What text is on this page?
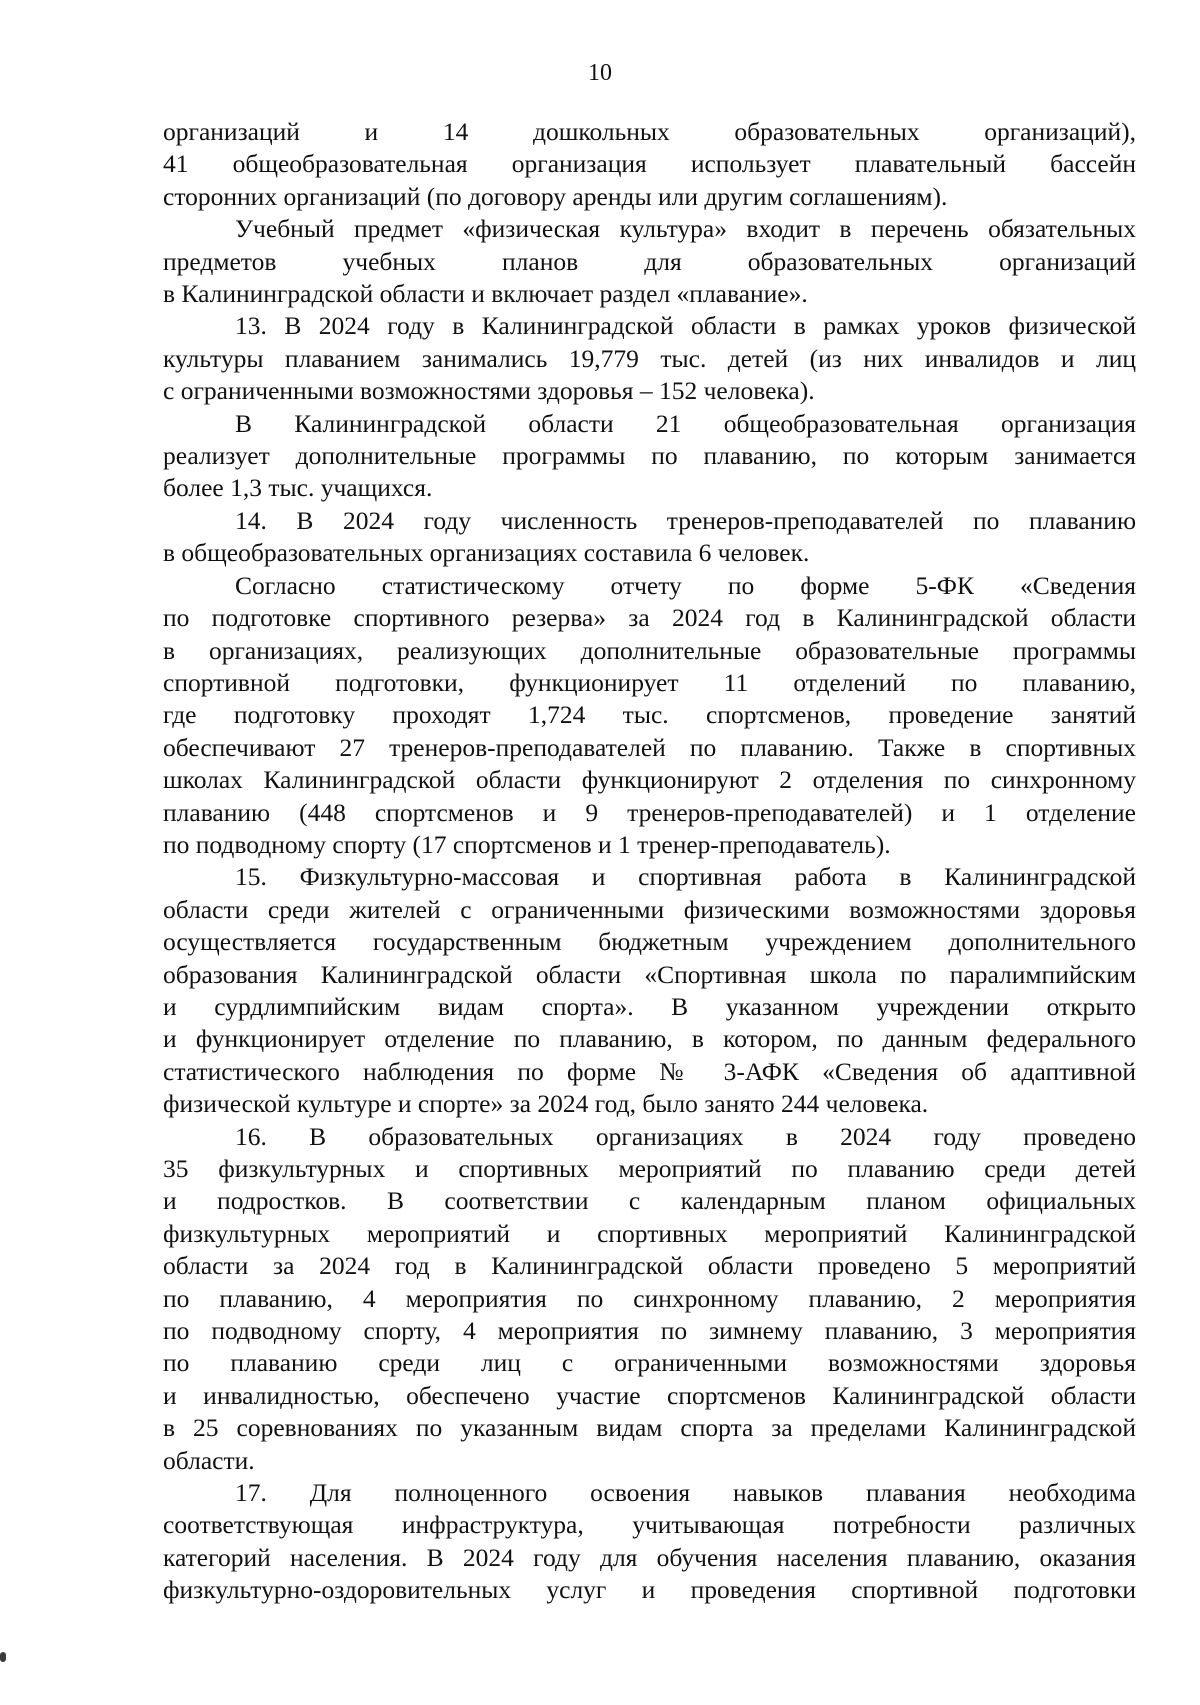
10
организаций и 14 дошкольных образовательных организаций),
41 общеобразовательная организация использует плавательный бассейн
сторонних организаций (по договору аренды или другим соглашениям).
Учебный предмет «физическая культура» входит в перечень обязательных
предметов учебных планов для образовательных организаций
в Калининградской области и включает раздел «плавание».
13. В 2024 году в Калининградской области в рамках уроков физической
культуры плаванием занимались 19,779 тыс. детей (из них инвалидов и лиц
с ограниченными возможностями здоровья – 152 человека).
В Калининградской области 21 общеобразовательная организация
реализует дополнительные программы по плаванию, по которым занимается
более 1,3 тыс. учащихся.
14. В 2024 году численность тренеров-преподавателей по плаванию
в общеобразовательных организациях составила 6 человек.
Согласно статистическому отчету по форме 5-ФК «Сведения
по подготовке спортивного резерва» за 2024 год в Калининградской области
в организациях, реализующих дополнительные образовательные программы
спортивной подготовки, функционирует 11 отделений по плаванию,
где подготовку проходят 1,724 тыс. спортсменов, проведение занятий
обеспечивают 27 тренеров-преподавателей по плаванию. Также в спортивных
школах Калининградской области функционируют 2 отделения по синхронному
плаванию (448 спортсменов и 9 тренеров-преподавателей) и 1 отделение
по подводному спорту (17 спортсменов и 1 тренер-преподаватель).
15. Физкультурно-массовая и спортивная работа в Калининградской
области среди жителей с ограниченными физическими возможностями здоровья
осуществляется государственным бюджетным учреждением дополнительного
образования Калининградской области «Спортивная школа по паралимпийским
и сурдлимпийским видам спорта». В указанном учреждении открыто
и функционирует отделение по плаванию, в котором, по данным федерального
статистического наблюдения по форме № 3-АФК «Сведения об адаптивной
физической культуре и спорте» за 2024 год, было занято 244 человека.
16. В образовательных организациях в 2024 году проведено
35 физкультурных и спортивных мероприятий по плаванию среди детей
и подростков. В соответствии с календарным планом официальных
физкультурных мероприятий и спортивных мероприятий Калининградской
области за 2024 год в Калининградской области проведено 5 мероприятий
по плаванию, 4 мероприятия по синхронному плаванию, 2 мероприятия
по подводному спорту, 4 мероприятия по зимнему плаванию, 3 мероприятия
по плаванию среди лиц с ограниченными возможностями здоровья
и инвалидностью, обеспечено участие спортсменов Калининградской области
в 25 соревнованиях по указанным видам спорта за пределами Калининградской
области.
17. Для полноценного освоения навыков плавания необходима
соответствующая инфраструктура, учитывающая потребности различных
категорий населения. В 2024 году для обучения населения плаванию, оказания
физкультурно-оздоровительных услуг и проведения спортивной подготовки
